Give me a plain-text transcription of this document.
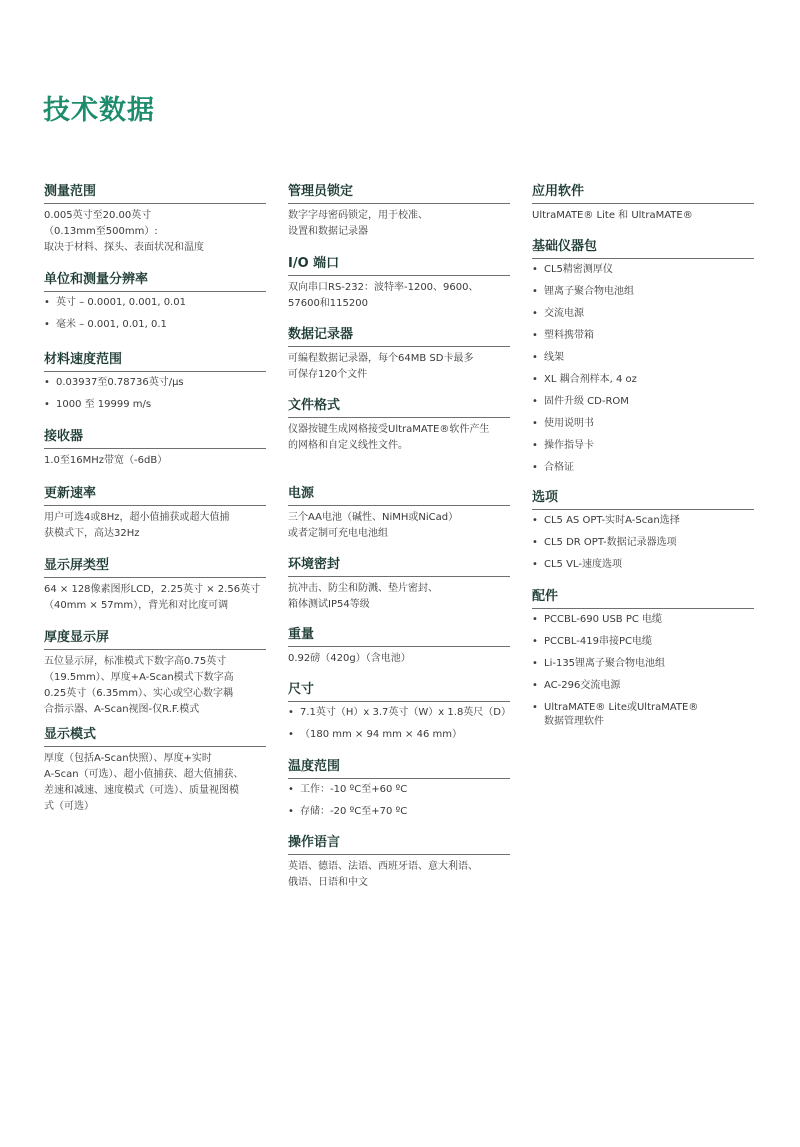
技术数据
测量范围

0.005英寸至20.00英寸
（0.13mm至500mm）:
取决于材料、探头、表面状况和温度

单位和测量分辨率
• 英寸 – 0.0001, 0.001, 0.01
• 毫米 – 0.001, 0.01, 0.1
材料速度范围
• 0.03937至0.78736英寸/µs
• 1000 至 19999 m/s
接收器

1.0至16MHz带宽（-6dB）

更新速率

用户可选4或8Hz，超小值捕获或超大值捕
获模式下，高达32Hz

显示屏类型

64 × 128像素图形LCD，2.25英寸 × 2.56英寸
（40mm × 57mm），背光和对比度可调

厚度显示屏

五位显示屏，标准模式下数字高0.75英寸
（19.5mm）、厚度+A-Scan模式下数字高
0.25英寸（6.35mm）、实心或空心数字耦
合指示器、A-Scan视图-仅R.F.模式

显示模式

厚度（包括A-Scan快照）、厚度+实时
A-Scan（可选）、超小值捕获、超大值捕获、
差速和减速、速度模式（可选）、质量视图模
式（可选）

管理员锁定

数字字母密码锁定，用于校准、
设置和数据记录器

I/O 端口

双向串口RS-232：波特率-1200、9600、
57600和115200

数据记录器

可编程数据记录器，每个64MB SD卡最多
可保存120个文件

文件格式

仪器按键生成网格接受UltraMATE®软件产生
的网格和自定义线性文件。

电源

三个AA电池（碱性、NiMH或NiCad）
或者定制可充电电池组

环境密封

抗冲击、防尘和防溅、垫片密封、
箱体测试IP54等级

重量

0.92磅（420g）（含电池）

尺寸
• 7.1英寸（H）x 3.7英寸（W）x 1.8英尺（D）
• （180 mm × 94 mm × 46 mm）
温度范围
• 工作：-10 ºC至+60 ºC
• 存储：-20 ºC至+70 ºC
操作语言

英语、德语、法语、西班牙语、意大利语、
俄语、日语和中文

应用软件

UltraMATE® Lite 和 UltraMATE®

基础仪器包
• CL5精密测厚仪
• 锂离子聚合物电池组
• 交流电源
• 塑料携带箱
• 线架
• XL 耦合剂样本, 4 oz
• 固件升级 CD-ROM
• 使用说明书
• 操作指导卡
• 合格证
选项
• CL5 AS OPT-实时A-Scan选择
• CL5 DR OPT-数据记录器选项
• CL5 VL-速度选项
配件
• PCCBL-690 USB PC 电缆
• PCCBL-419串接PC电缆
• Li-135锂离子聚合物电池组
• AC-296交流电源
• UltraMATE® Lite或UltraMATE®
数据管理软件
